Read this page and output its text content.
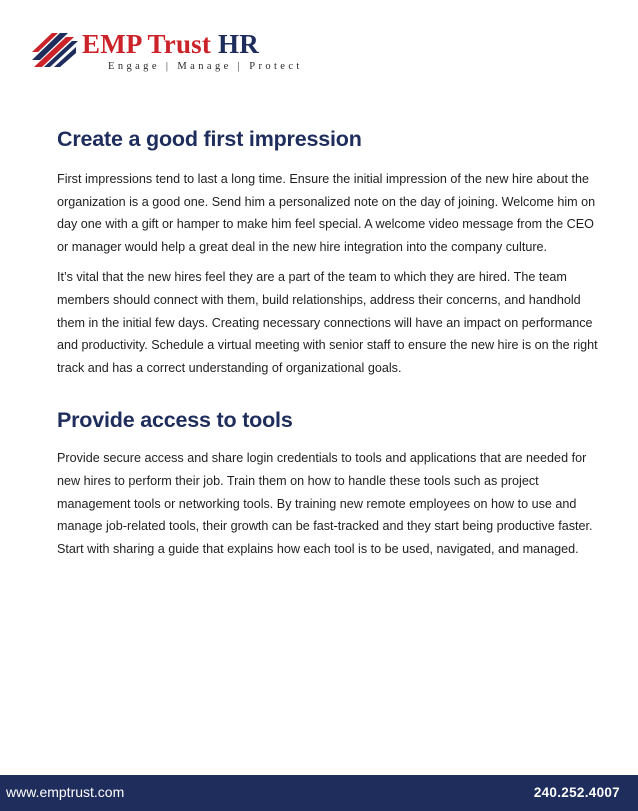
EMP Trust HR
Engage | Manage | Protect
Create a good first impression

First impressions tend to last a long time. Ensure the initial impression of the new hire about the organization is a good one. Send him a personalized note on the day of joining. Welcome him on day one with a gift or hamper to make him feel special. A welcome video message from the CEO or manager would help a great deal in the new hire integration into the company culture.

It’s vital that the new hires feel they are a part of the team to which they are hired. The team members should connect with them, build relationships, address their concerns, and handhold them in the initial few days. Creating necessary connections will have an impact on performance and productivity. Schedule a virtual meeting with senior staff to ensure the new hire is on the right track and has a correct understanding of organizational goals.

Provide access to tools

Provide secure access and share login credentials to tools and applications that are needed for new hires to perform their job. Train them on how to handle these tools such as project management tools or networking tools. By training new remote employees on how to use and manage job-related tools, their growth can be fast-tracked and they start being productive faster. Start with sharing a guide that explains how each tool is to be used, navigated, and managed.

www.emptrust.com	240.252.4007
